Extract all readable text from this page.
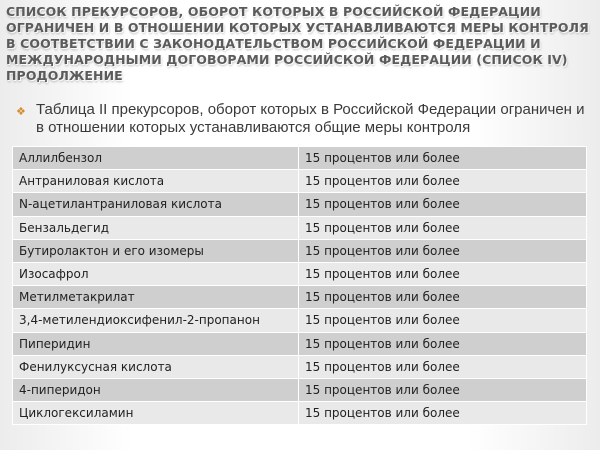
СПИСОК ПРЕКУРСОРОВ, ОБОРОТ КОТОРЫХ В РОССИЙСКОЙ ФЕДЕРАЦИИ ОГРАНИЧЕН И В ОТНОШЕНИИ КОТОРЫХ УСТАНАВЛИВАЮТСЯ МЕРЫ КОНТРОЛЯ В СООТВЕТСТВИИ С ЗАКОНОДАТЕЛЬСТВОМ РОССИЙСКОЙ ФЕДЕРАЦИИ И МЕЖДУНАРОДНЫМИ ДОГОВОРАМИ РОССИЙСКОЙ ФЕДЕРАЦИИ (СПИСОК IV) ПРОДОЛЖЕНИЕ
❖ Таблица II прекурсоров, оборот которых в Российской Федерации ограничен и в отношении которых устанавливаются общие меры контроля
Аллилбензол	15 процентов или более
Антраниловая кислота	15 процентов или более
N-ацетилантраниловая кислота	15 процентов или более
Бензальдегид	15 процентов или более
Бутиролактон и его изомеры	15 процентов или более
Изосафрол	15 процентов или более
Метилметакрилат	15 процентов или более
3,4-метилендиоксифенил-2-пропанон	15 процентов или более
Пиперидин	15 процентов или более
Фенилуксусная кислота	15 процентов или более
4-пиперидон	15 процентов или более
Циклогексиламин	15 процентов или более
